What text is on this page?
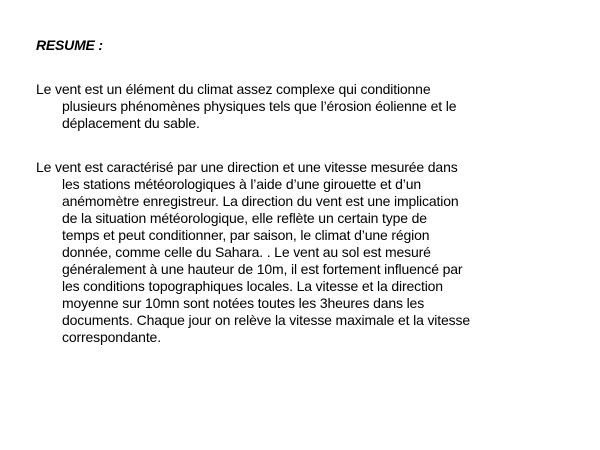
RESUME :

Le vent est un élément du climat assez complexe qui conditionne
plusieurs phénomènes physiques tels que l’érosion éolienne et le
déplacement du sable.

Le vent est caractérisé par une direction et une vitesse mesurée dans
les stations météorologiques à l’aide d’une girouette et d’un
anémomètre enregistreur. La direction du vent est une implication
de la situation météorologique, elle reflète un certain type de
temps et peut conditionner, par saison, le climat d’une région
donnée, comme celle du Sahara. . Le vent au sol est mesuré
généralement à une hauteur de 10m, il est fortement influencé par
les conditions topographiques locales. La vitesse et la direction
moyenne sur 10mn sont notées toutes les 3heures dans les
documents. Chaque jour on relève la vitesse maximale et la vitesse
correspondante.
